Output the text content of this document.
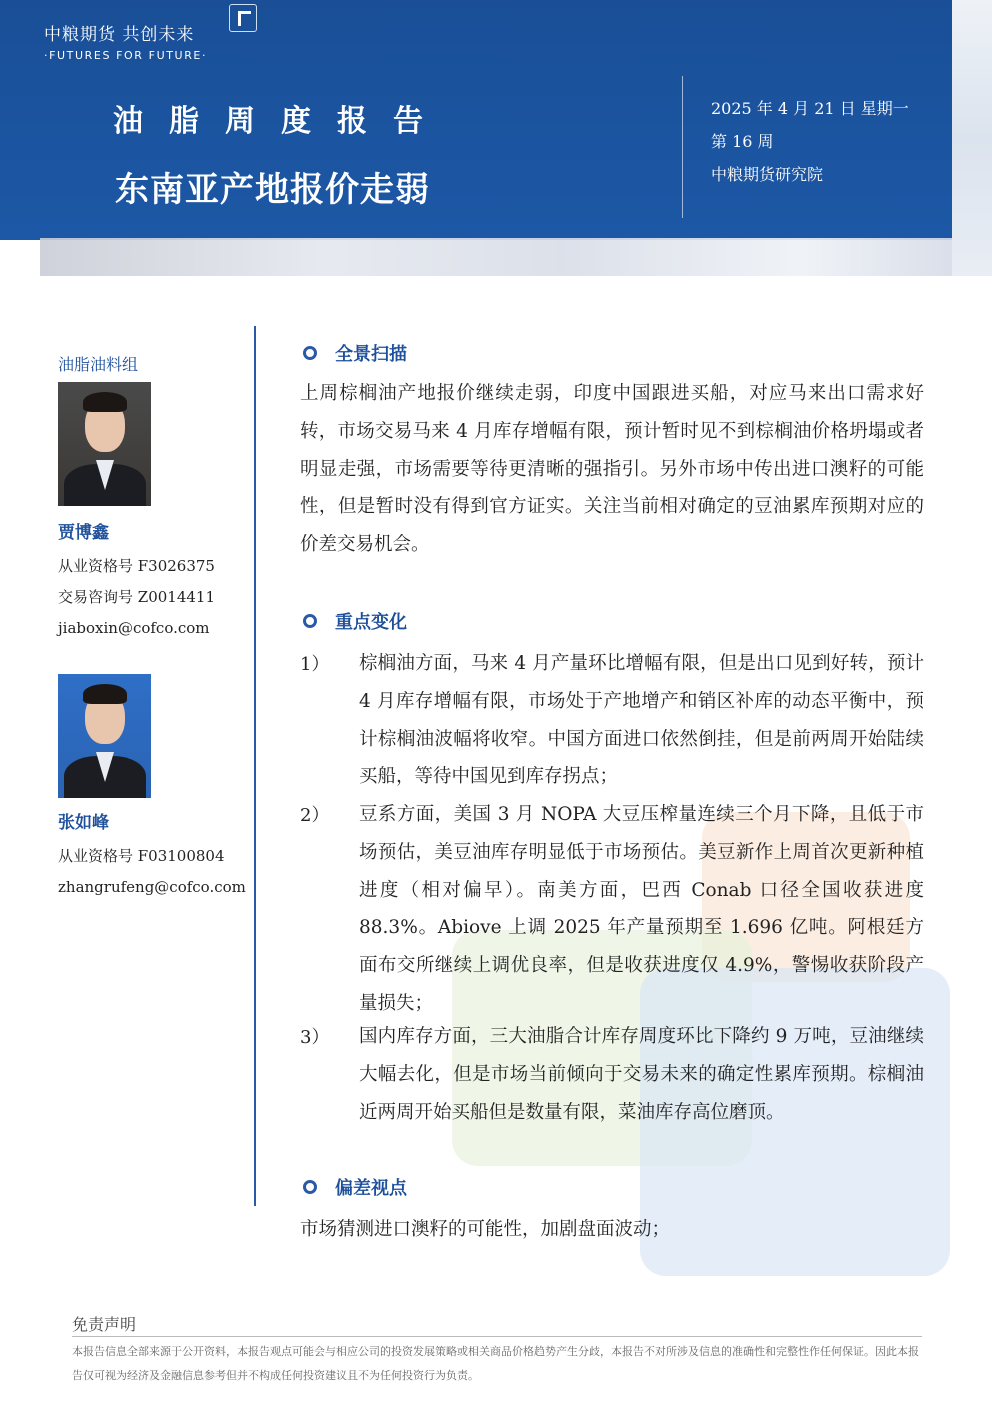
中粮期货 共创未来
·FUTURES FOR FUTURE·
油脂周度报告
东南亚产地报价走弱
2025 年 4 月 21 日 星期一
第 16 周
中粮期货研究院
油脂油料组
贾博鑫
从业资格号 F3026375
交易咨询号 Z0014411
jiaboxin@cofco.com
张如峰
从业资格号 F03100804
zhangrufeng@cofco.com
全景扫描
上周棕榈油产地报价继续走弱，印度中国跟进买船，对应马来出口需求好转，市场交易马来 4 月库存增幅有限，预计暂时见不到棕榈油价格坍塌或者明显走强，市场需要等待更清晰的强指引。另外市场中传出进口澳籽的可能性，但是暂时没有得到官方证实。关注当前相对确定的豆油累库预期对应的价差交易机会。
重点变化
1）	棕榈油方面，马来 4 月产量环比增幅有限，但是出口见到好转，预计 4 月库存增幅有限，市场处于产地增产和销区补库的动态平衡中，预计棕榈油波幅将收窄。中国方面进口依然倒挂，但是前两周开始陆续买船，等待中国见到库存拐点；
2）	豆系方面，美国 3 月 NOPA 大豆压榨量连续三个月下降，且低于市场预估，美豆油库存明显低于市场预估。美豆新作上周首次更新种植进度（相对偏早）。南美方面，巴西 Conab 口径全国收获进度 88.3%。Abiove 上调 2025 年产量预期至 1.696 亿吨。阿根廷方面布交所继续上调优良率，但是收获进度仅 4.9%，警惕收获阶段产量损失；
3）	国内库存方面，三大油脂合计库存周度环比下降约 9 万吨，豆油继续大幅去化，但是市场当前倾向于交易未来的确定性累库预期。棕榈油近两周开始买船但是数量有限，菜油库存高位磨顶。
偏差视点
市场猜测进口澳籽的可能性，加剧盘面波动；
免责声明
本报告信息全部来源于公开资料，本报告观点可能会与相应公司的投资发展策略或相关商品价格趋势产生分歧，本报告不对所涉及信息的准确性和完整性作任何保证。因此本报告仅可视为经济及金融信息参考但并不构成任何投资建议且不为任何投资行为负责。
